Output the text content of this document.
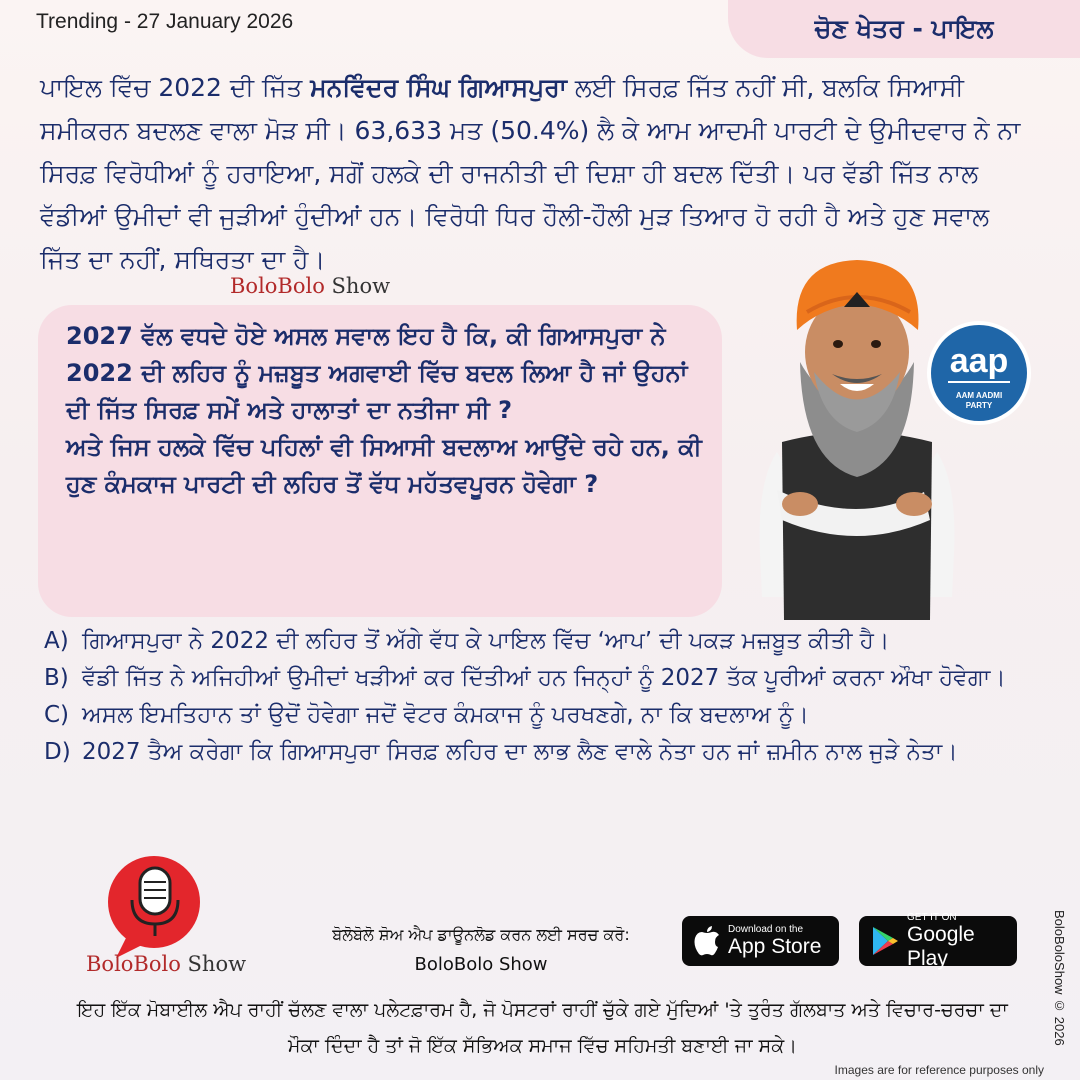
Trending - 27 January 2026	ਚੋਣ ਖੇਤਰ - ਪਾਇਲ
ਪਾਇਲ ਵਿੱਚ 2022 ਦੀ ਜਿੱਤ ਮਨਵਿੰਦਰ ਸਿੰਘ ਗਿਆਸਪੁਰਾ ਲਈ ਸਿਰਫ਼ ਜਿੱਤ ਨਹੀਂ ਸੀ, ਬਲਕਿ ਸਿਆਸੀ ਸਮੀਕਰਨ ਬਦਲਣ ਵਾਲਾ ਮੋੜ ਸੀ। 63,633 ਮਤ (50.4%) ਲੈ ਕੇ ਆਮ ਆਦਮੀ ਪਾਰਟੀ ਦੇ ਉਮੀਦਵਾਰ ਨੇ ਨਾ ਸਿਰਫ਼ ਵਿਰੋਧੀਆਂ ਨੂੰ ਹਰਾਇਆ, ਸਗੋਂ ਹਲਕੇ ਦੀ ਰਾਜਨੀਤੀ ਦੀ ਦਿਸ਼ਾ ਹੀ ਬਦਲ ਦਿੱਤੀ। ਪਰ ਵੱਡੀ ਜਿੱਤ ਨਾਲ ਵੱਡੀਆਂ ਉਮੀਦਾਂ ਵੀ ਜੁੜੀਆਂ ਹੁੰਦੀਆਂ ਹਨ। ਵਿਰੋਧੀ ਧਿਰ ਹੌਲੀ-ਹੌਲੀ ਮੁੜ ਤਿਆਰ ਹੋ ਰਹੀ ਹੈ ਅਤੇ ਹੁਣ ਸਵਾਲ ਜਿੱਤ ਦਾ ਨਹੀਂ, ਸਥਿਰਤਾ ਦਾ ਹੈ।
BoloBolo Show
2027 ਵੱਲ ਵਧਦੇ ਹੋਏ ਅਸਲ ਸਵਾਲ ਇਹ ਹੈ ਕਿ, ਕੀ ਗਿਆਸਪੁਰਾ ਨੇ 2022 ਦੀ ਲਹਿਰ ਨੂੰ ਮਜ਼ਬੂਤ ਅਗਵਾਈ ਵਿੱਚ ਬਦਲ ਲਿਆ ਹੈ ਜਾਂ ਉਹਨਾਂ ਦੀ ਜਿੱਤ ਸਿਰਫ਼ ਸਮੇਂ ਅਤੇ ਹਾਲਾਤਾਂ ਦਾ ਨਤੀਜਾ ਸੀ ?
ਅਤੇ ਜਿਸ ਹਲਕੇ ਵਿੱਚ ਪਹਿਲਾਂ ਵੀ ਸਿਆਸੀ ਬਦਲਾਅ ਆਉਂਦੇ ਰਹੇ ਹਨ, ਕੀ ਹੁਣ ਕੰਮਕਾਜ ਪਾਰਟੀ ਦੀ ਲਹਿਰ ਤੋਂ ਵੱਧ ਮਹੱਤਵਪੂਰਨ ਹੋਵੇਗਾ ?
aap
AAM AADMI
PARTY
A) ਗਿਆਸਪੁਰਾ ਨੇ 2022 ਦੀ ਲਹਿਰ ਤੋਂ ਅੱਗੇ ਵੱਧ ਕੇ ਪਾਇਲ ਵਿੱਚ ‘ਆਪ’ ਦੀ ਪਕੜ ਮਜ਼ਬੂਤ ਕੀਤੀ ਹੈ।
B) ਵੱਡੀ ਜਿੱਤ ਨੇ ਅਜਿਹੀਆਂ ਉਮੀਦਾਂ ਖੜੀਆਂ ਕਰ ਦਿੱਤੀਆਂ ਹਨ ਜਿਨ੍ਹਾਂ ਨੂੰ 2027 ਤੱਕ ਪੂਰੀਆਂ ਕਰਨਾ ਔਖਾ ਹੋਵੇਗਾ।
C) ਅਸਲ ਇਮਤਿਹਾਨ ਤਾਂ ਉਦੋਂ ਹੋਵੇਗਾ ਜਦੋਂ ਵੋਟਰ ਕੰਮਕਾਜ ਨੂੰ ਪਰਖਣਗੇ, ਨਾ ਕਿ ਬਦਲਾਅ ਨੂੰ।
D) 2027 ਤੈਅ ਕਰੇਗਾ ਕਿ ਗਿਆਸਪੁਰਾ ਸਿਰਫ਼ ਲਹਿਰ ਦਾ ਲਾਭ ਲੈਣ ਵਾਲੇ ਨੇਤਾ ਹਨ ਜਾਂ ਜ਼ਮੀਨ ਨਾਲ ਜੁੜੇ ਨੇਤਾ।
BoloBolo Show
ਬੋਲੋਬੋਲੋ ਸ਼ੋਅ ਐਪ ਡਾਊਨਲੋਡ ਕਰਨ ਲਈ ਸਰਚ ਕਰੋ:
BoloBolo Show
Download on the
App Store
GET IT ON
Google Play
ਇਹ ਇੱਕ ਮੋਬਾਈਲ ਐਪ ਰਾਹੀਂ ਚੱਲਣ ਵਾਲਾ ਪਲੇਟਫ਼ਾਰਮ ਹੈ, ਜੋ ਪੋਸਟਰਾਂ ਰਾਹੀਂ ਚੁੱਕੇ ਗਏ ਮੁੱਦਿਆਂ 'ਤੇ ਤੁਰੰਤ ਗੱਲਬਾਤ ਅਤੇ ਵਿਚਾਰ-ਚਰਚਾ ਦਾ ਮੌਕਾ ਦਿੰਦਾ ਹੈ ਤਾਂ ਜੋ ਇੱਕ ਸੱਭਿਅਕ ਸਮਾਜ ਵਿੱਚ ਸਹਿਮਤੀ ਬਣਾਈ ਜਾ ਸਕੇ।
BoloBoloShow © 2026
Images are for reference purposes only
